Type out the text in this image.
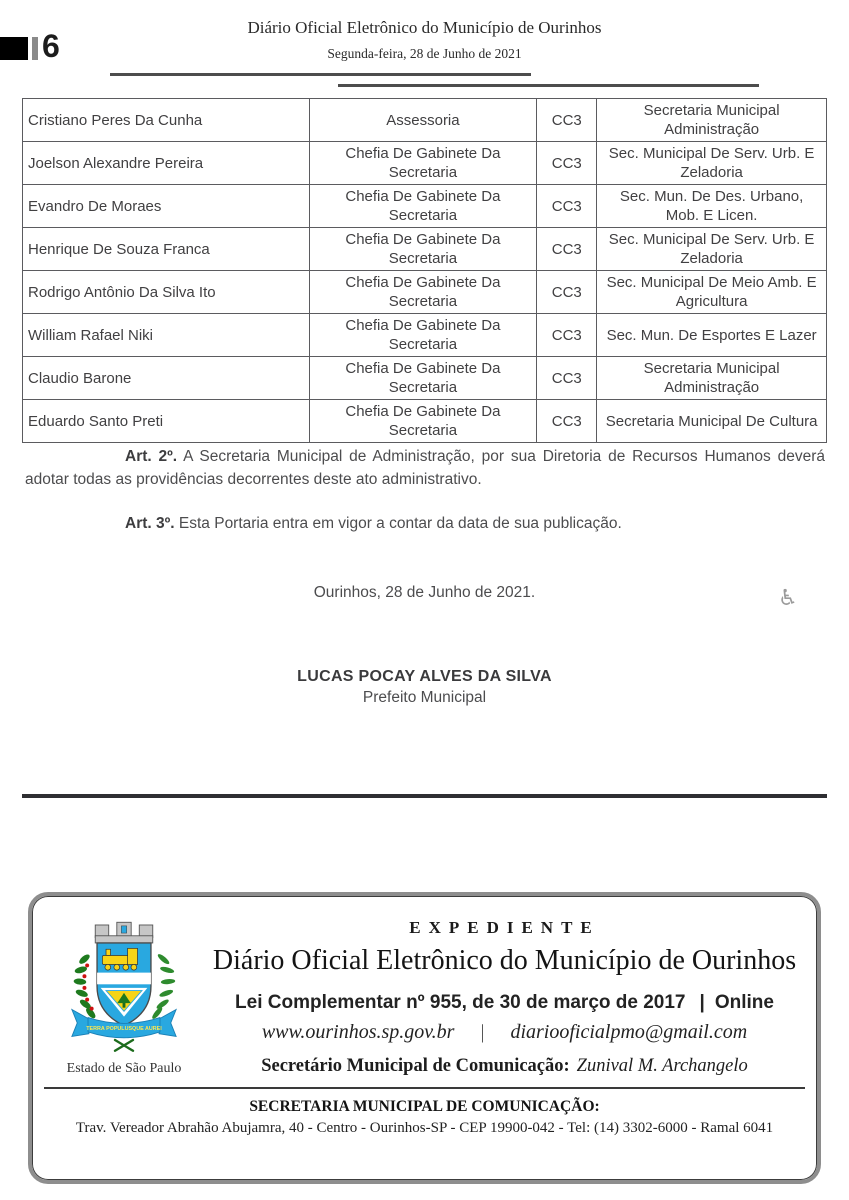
Diário Oficial Eletrônico do Município de Ourinhos
Segunda-feira, 28 de Junho de 2021
6
Cristiano Peres Da Cunha	Assessoria	CC3	Secretaria Municipal Administração
Joelson Alexandre Pereira	Chefia De Gabinete Da Secretaria	CC3	Sec. Municipal De Serv. Urb. E Zeladoria
Evandro De Moraes	Chefia De Gabinete Da Secretaria	CC3	Sec. Mun. De Des. Urbano, Mob. E Licen.
Henrique De Souza Franca	Chefia De Gabinete Da Secretaria	CC3	Sec. Municipal De Serv. Urb. E Zeladoria
Rodrigo Antônio Da Silva Ito	Chefia De Gabinete Da Secretaria	CC3	Sec. Municipal De Meio Amb. E Agricultura
William Rafael Niki	Chefia De Gabinete Da Secretaria	CC3	Sec. Mun. De Esportes E Lazer
Claudio Barone	Chefia De Gabinete Da Secretaria	CC3	Secretaria Municipal Administração
Eduardo Santo Preti	Chefia De Gabinete Da Secretaria	CC3	Secretaria Municipal De Cultura

Art. 2º. A Secretaria Municipal de Administração, por sua Diretoria de Recursos Humanos deverá adotar todas as providências decorrentes deste ato administrativo.

Art. 3º. Esta Portaria entra em vigor a contar da data de sua publicação.

Ourinhos, 28 de Junho de 2021.	♿
LUCAS POCAY ALVES DA SILVA
Prefeito Municipal
TERRA POPULUSQUE AUREI
Estado de São Paulo
EXPEDIENTE
Diário Oficial Eletrônico do Município de Ourinhos
Lei Complementar nº 955, de 30 de março de 2017 | Online
www.ourinhos.sp.gov.br | diariooficialpmo@gmail.com
Secretário Municipal de Comunicação: Zunival M. Archangelo
SECRETARIA MUNICIPAL DE COMUNICAÇÃO:
Trav. Vereador Abrahão Abujamra, 40 - Centro - Ourinhos-SP - CEP 19900-042 - Tel: (14) 3302-6000 - Ramal 6041
